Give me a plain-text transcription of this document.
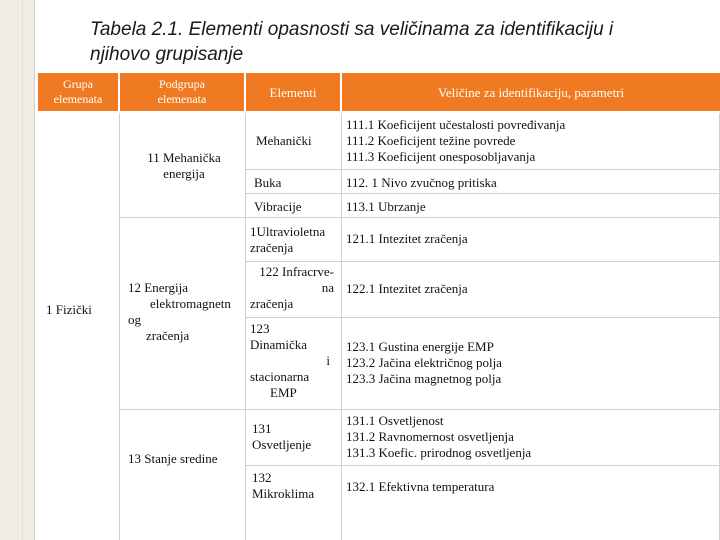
Tabela 2.1. Elementi opasnosti sa veličinama za identifikaciju i
njihovo grupisanje
Grupa
elemenata
Podgrupa
elemenata	Elementi	Veličine za identifikaciju, parametri
1 Fizički
11 Mehanička
energija
12 Energija
elektromagnetn
og
zračenja
13 Stanje sredine
Mehanički
Buka
Vibracije
1Ultravioletna
zračenja
122 Infracrve-
na
zračenja
123
Dinamička
i
stacionarna
EMP
131
Osvetljenje
132
Mikroklima
111.1 Koeficijent učestalosti povređivanja
111.2 Koeficijent težine povrede
111.3 Koeficijent onesposobljavanja
112. 1 Nivo zvučnog pritiska
113.1 Ubrzanje
121.1 Intezitet zračenja
122.1 Intezitet zračenja
123.1 Gustina energije EMP
123.2 Jačina električnog polja
123.3 Jačina magnetnog polja
131.1 Osvetljenost
131.2 Ravnomernost osvetljenja
131.3 Koefic. prirodnog osvetljenja
132.1 Efektivna temperatura
